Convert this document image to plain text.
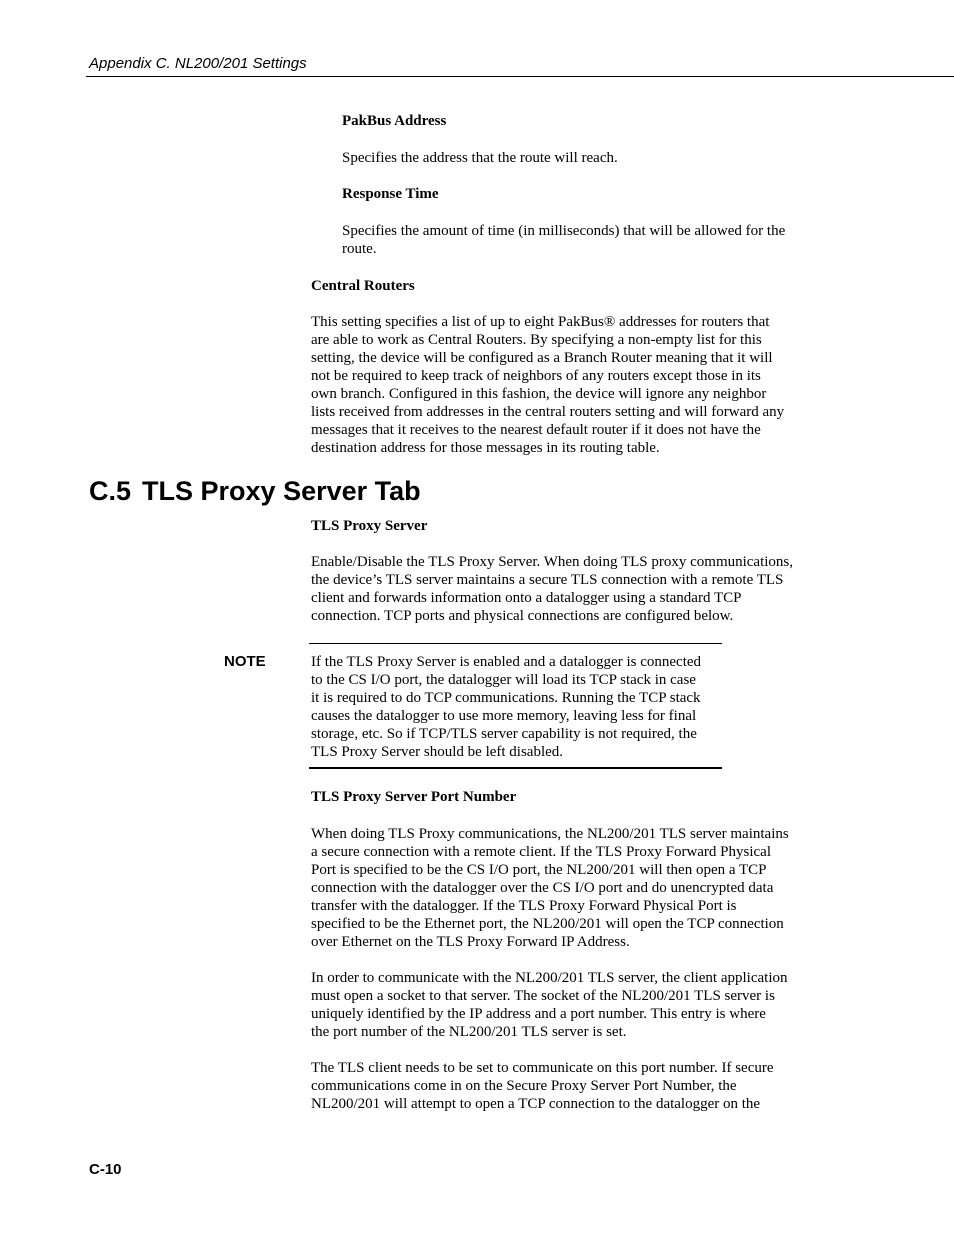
Appendix C. NL200/201 Settings
PakBus Address

Specifies the address that the route will reach.

Response Time

Specifies the amount of time (in milliseconds) that will be allowed for the

route.

Central Routers

This setting specifies a list of up to eight PakBus® addresses for routers that

are able to work as Central Routers. By specifying a non-empty list for this

setting, the device will be configured as a Branch Router meaning that it will

not be required to keep track of neighbors of any routers except those in its

own branch. Configured in this fashion, the device will ignore any neighbor

lists received from addresses in the central routers setting and will forward any

messages that it receives to the nearest default router if it does not have the

destination address for those messages in its routing table.

C.5 TLS Proxy Server Tab
TLS Proxy Server

Enable/Disable the TLS Proxy Server. When doing TLS proxy communications,

the device’s TLS server maintains a secure TLS connection with a remote TLS

client and forwards information onto a datalogger using a standard TCP

connection. TCP ports and physical connections are configured below.

NOTE	If the TLS Proxy Server is enabled and a datalogger is connected

to the CS I/O port, the datalogger will load its TCP stack in case

it is required to do TCP communications. Running the TCP stack

causes the datalogger to use more memory, leaving less for final

storage, etc. So if TCP/TLS server capability is not required, the

TLS Proxy Server should be left disabled.

TLS Proxy Server Port Number

When doing TLS Proxy communications, the NL200/201 TLS server maintains

a secure connection with a remote client. If the TLS Proxy Forward Physical

Port is specified to be the CS I/O port, the NL200/201 will then open a TCP

connection with the datalogger over the CS I/O port and do unencrypted data

transfer with the datalogger. If the TLS Proxy Forward Physical Port is

specified to be the Ethernet port, the NL200/201 will open the TCP connection

over Ethernet on the TLS Proxy Forward IP Address.

In order to communicate with the NL200/201 TLS server, the client application

must open a socket to that server. The socket of the NL200/201 TLS server is

uniquely identified by the IP address and a port number. This entry is where

the port number of the NL200/201 TLS server is set.

The TLS client needs to be set to communicate on this port number. If secure

communications come in on the Secure Proxy Server Port Number, the

NL200/201 will attempt to open a TCP connection to the datalogger on the

C-10
